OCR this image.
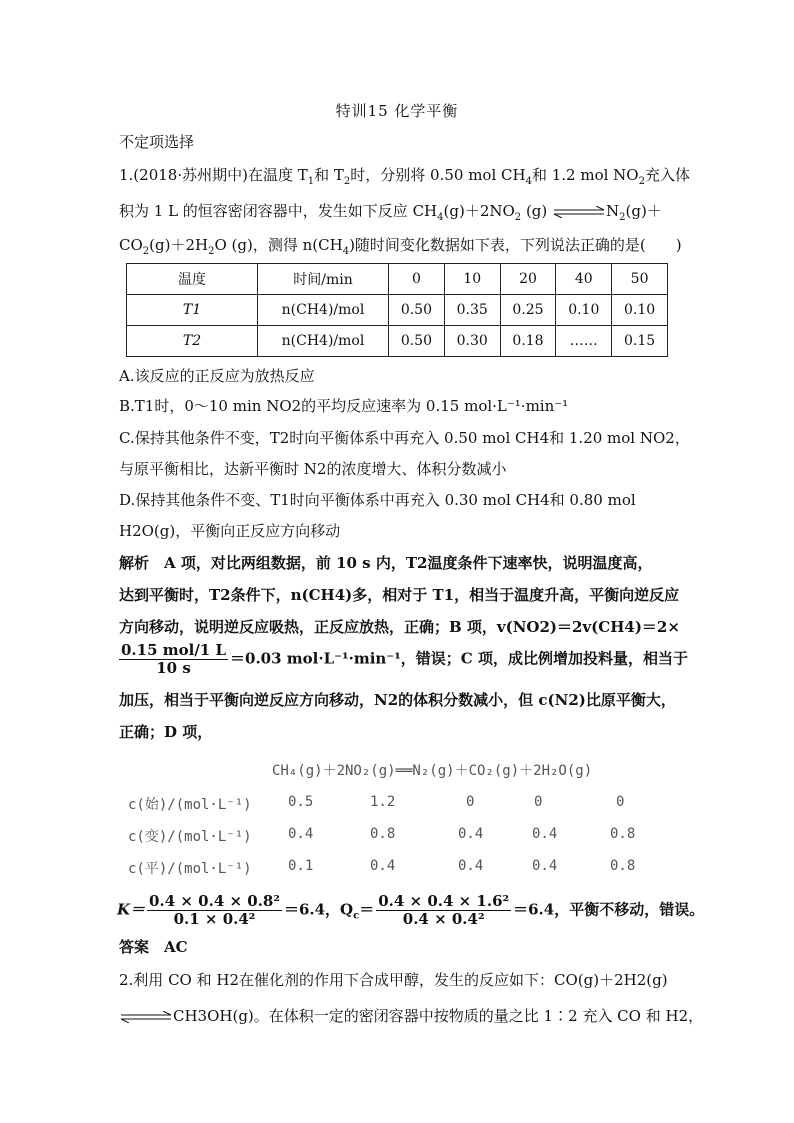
特训15 化学平衡
不定项选择
1.(2018·苏州期中)在温度 $T_1$和 $T_2$时，分别将 0.50 mol $CH_4$和 1.2 mol $NO_2$充入体
积为 1 L 的恒容密闭容器中，发生如下反应 $CH_4(g)+2NO_2$ (g) $\rightleftharpoons N_2(g)+$
$CO_2(g)+2H_2O$ (g)，测得 $n(CH_4)$随时间变化数据如下表，下列说法正确的是(　　)
温度	时间/min	0	10	20	40	50
T1	n(CH4)/mol	0.50	0.35	0.25	0.10	0.10
T2	n(CH4)/mol	0.50	0.30	0.18	……	0.15
A.该反应的正反应为放热反应
B.T1时，0～10 min NO2的平均反应速率为 0.15 mol·L⁻¹·min⁻¹
C.保持其他条件不变，T2时向平衡体系中再充入 0.50 mol CH4和 1.20 mol NO2，
与原平衡相比，达新平衡时 N2的浓度增大、体积分数减小
D.保持其他条件不变、T1时向平衡体系中再充入 0.30 mol CH4和 0.80 mol
H2O(g)，平衡向正反应方向移动
解析　A 项，对比两组数据，前 10 s 内，T2温度条件下速率快，说明温度高，
达到平衡时，T2条件下，n(CH4)多，相对于 T1，相当于温度升高，平衡向逆反应
方向移动，说明逆反应吸热，正反应放热，正确；B 项，v(NO2)＝2v(CH4)＝2×
$\frac{\text{0.15 mol/1 L}}{10 s} =0.03$ mol·L⁻¹·min⁻¹，错误；C 项，成比例增加投料量，相当于
加压，相当于平衡向逆反应方向移动，N2的体积分数减小，但 c(N2)比原平衡大，
正确；D 项，
CH₄(g)＋2NO₂(g)══N₂(g)＋CO₂(g)＋2H₂O(g)
c(始)/(mol·L⁻¹)	0.5	1.2	0	0	0
c(变)/(mol·L⁻¹)	0.4	0.8	0.4	0.4	0.8
c(平)/(mol·L⁻¹)	0.1	0.4	0.4	0.4	0.8
$K= \frac{\text{0.4 × 0.4 × 0.8²}}{\text{0.1 × 0.4²}} =6.4$，$Q_c= \frac{\text{0.4 × 0.4 × 1.6²}}{\text{0.4 × 0.4²}} =6.4$，平衡不移动，错误。
答案　AC
2.利用 CO 和 H2在催化剂的作用下合成甲醇，发生的反应如下：CO(g)＋2H2(g)
⇌CH3OH(g)。在体积一定的密闭容器中按物质的量之比 1∶2 充入 CO 和 H2，
